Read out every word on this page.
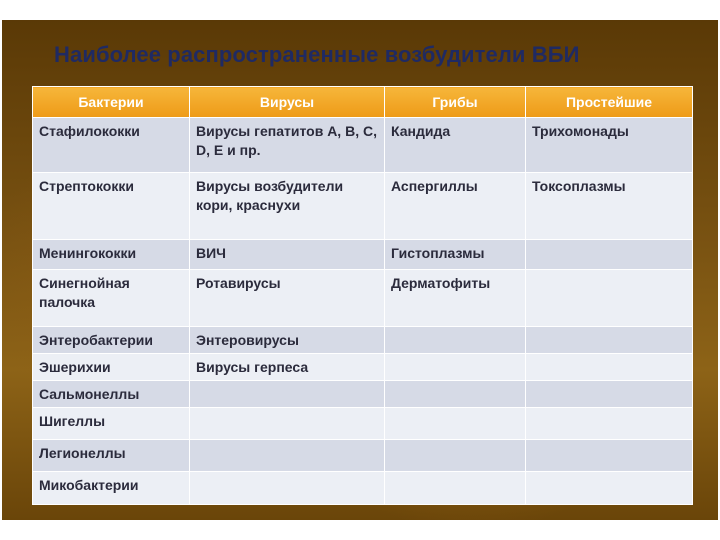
Наиболее распространенные возбудители ВБИ
Бактерии	Вирусы	Грибы	Простейшие
Стафилококки	Вирусы гепатитов А, В, С, D, Е и пр.	Кандида	Трихомонады
Стрептококки	Вирусы возбудители кори, краснухи	Аспергиллы	Токсоплазмы
Менингококки	ВИЧ	Гистоплазмы	
Синегнойная палочка	Ротавирусы	Дерматофиты	
Энтеробактерии	Энтеровирусы		
Эшерихии	Вирусы герпеса		
Сальмонеллы			
Шигеллы			
Легионеллы			
Микобактерии			
